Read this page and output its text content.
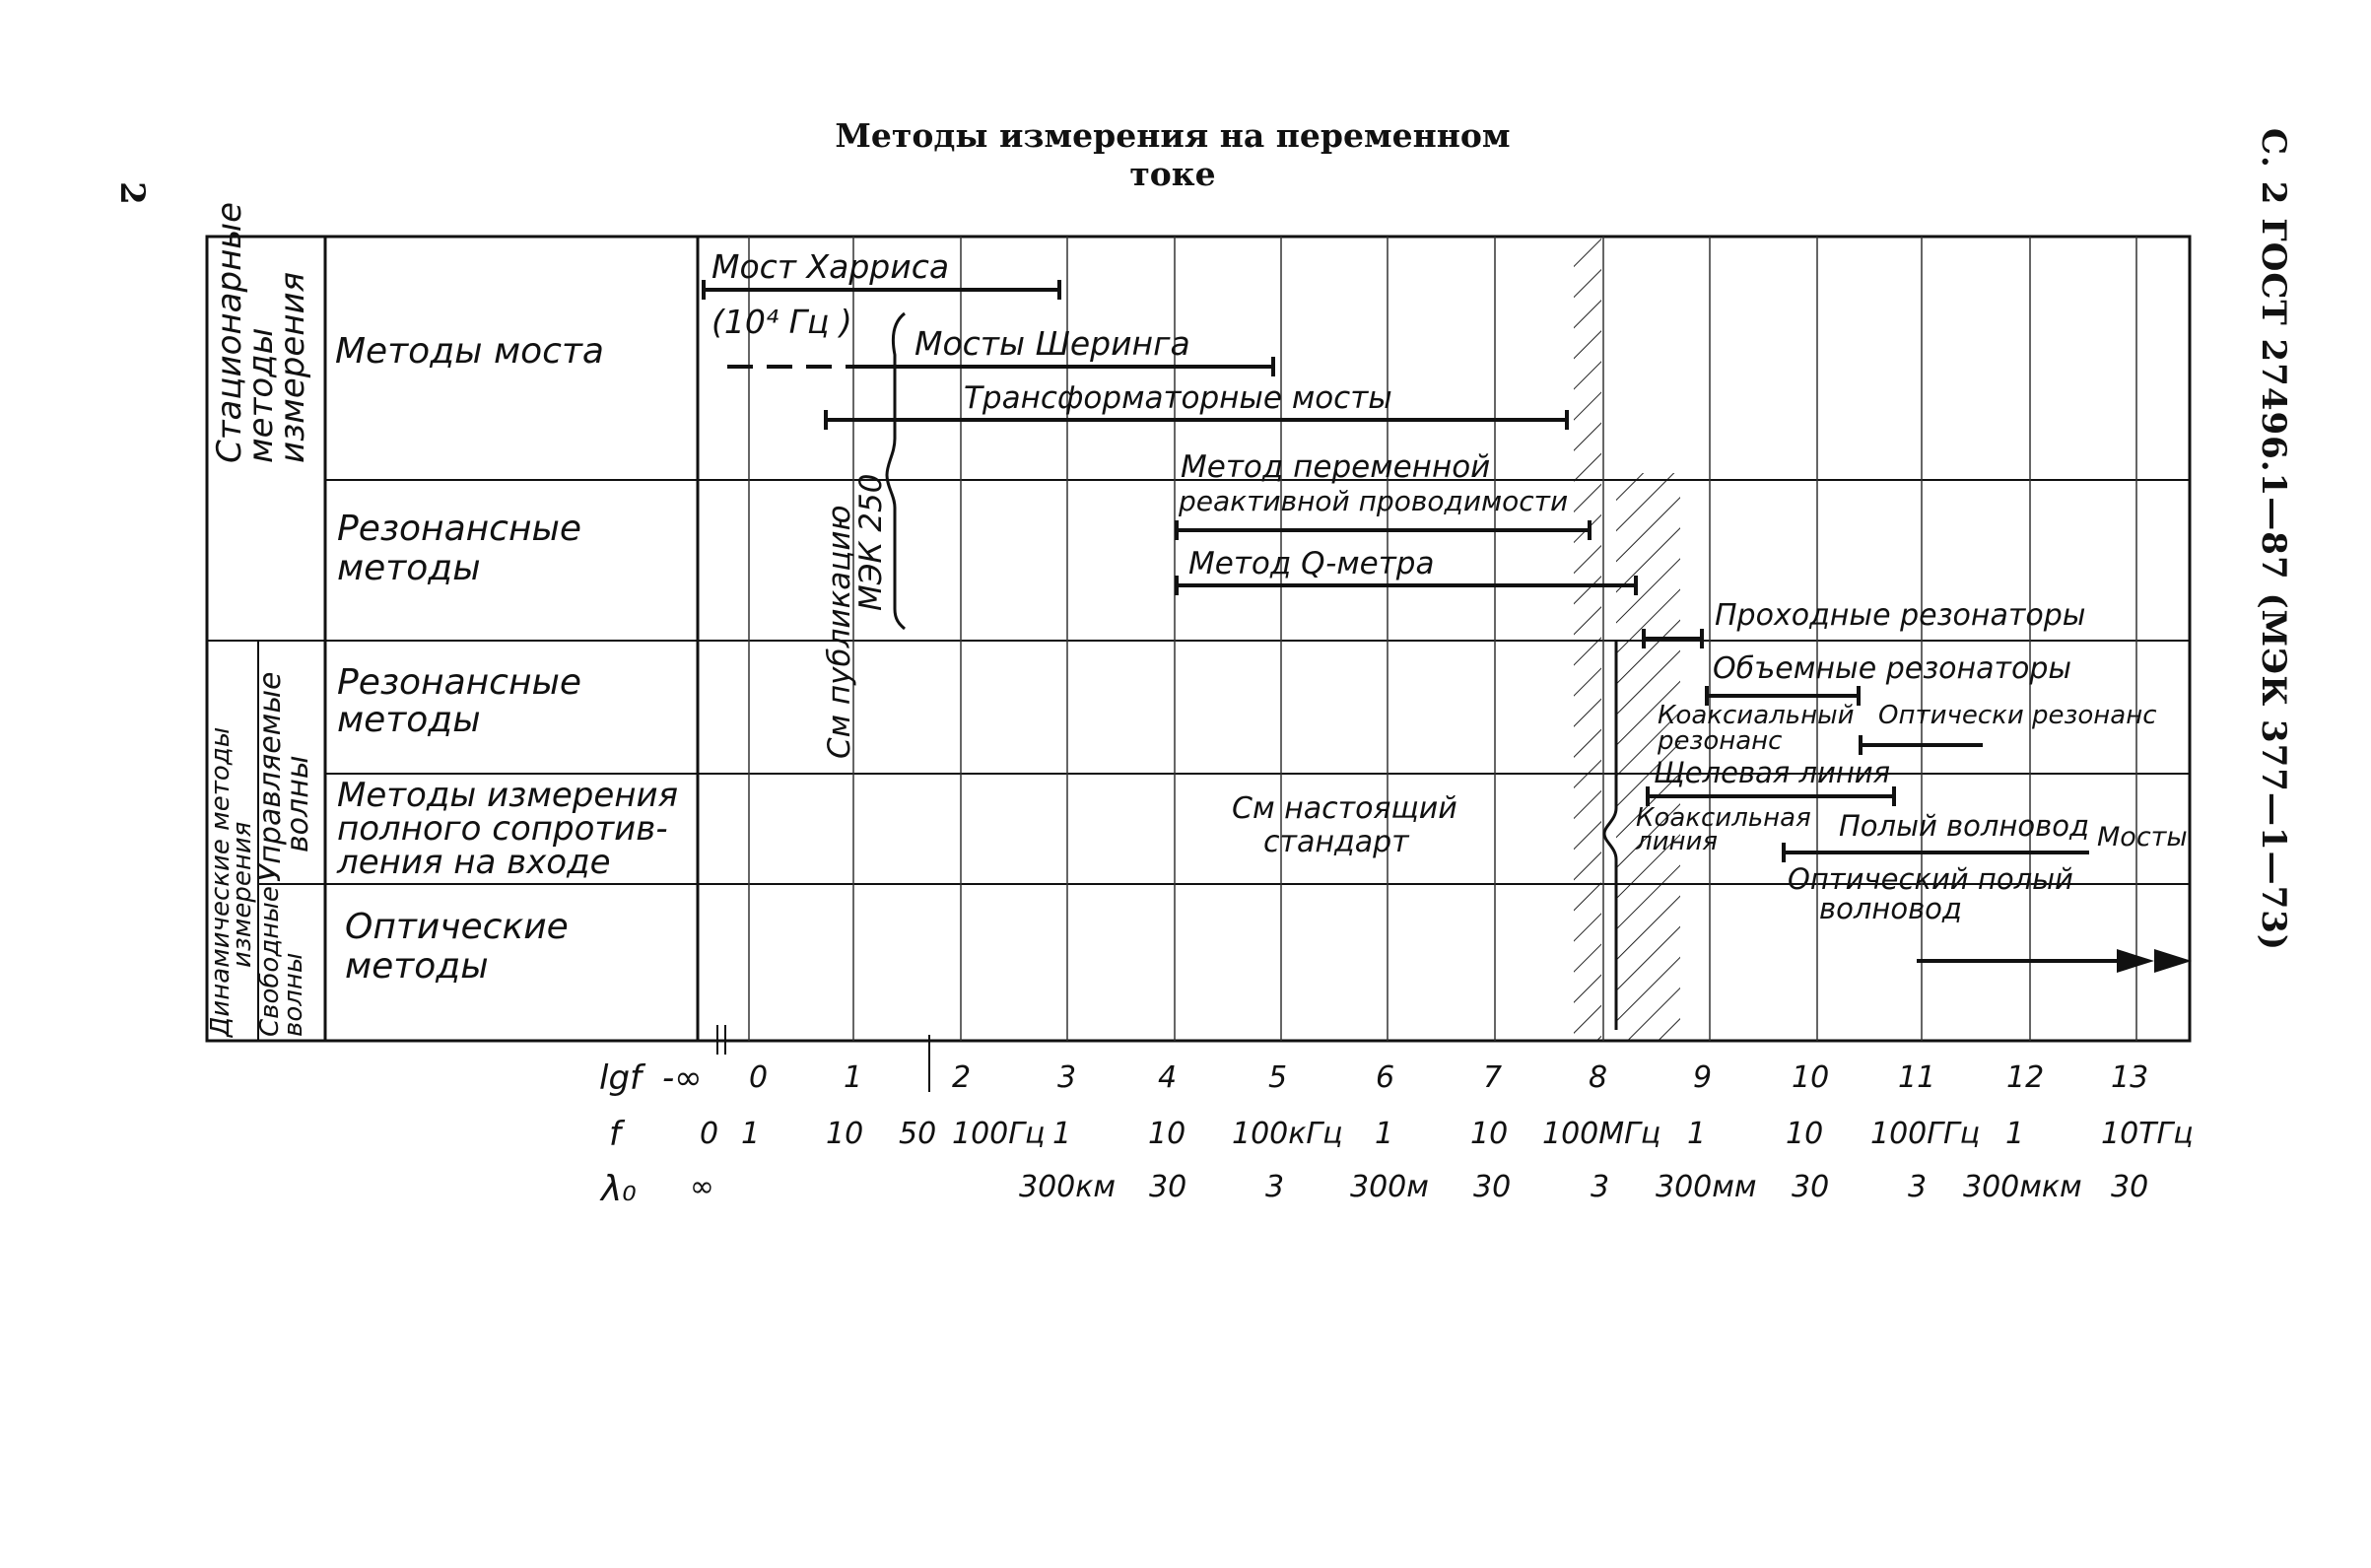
Методы измерения на переменном токе
2	С. 2 ГОСТ 27496.1—87 (МЭК 377—1—73)
Стационарные методы измерения
Динамические методы измерения
Управляемые волны
Свободные волны
Методы моста
Резонансные методы
Резонансные методы
Методы измерения полного сопротив- ления на входе
Оптические методы
Мост Харриса
(10⁴ Гц )
Мосты Шеринга
Трансформаторные мосты
Метод переменной реактивной проводимости
Метод Q-метра
Проходные резонаторы
Объемные резонаторы
Коаксиальный резонанс
Оптически резонанс
Щелевая линия
Коаксильная линия	Полый волновод Мосты
Оптический полый волновод
См публикацию МЭК 250
См настоящий стандарт
lgf -∞ 0	1	2	3	4	5	6	7	8	9	10 11 12 13
f	0 1 10 50 100Гц 1	10 100кГц 1	10 100МГц 1	10 100ГГц 1	10ТГц
λ₀ ∞	300км 30	3 300м 30	3 300мм 30	3 300мкм 30
